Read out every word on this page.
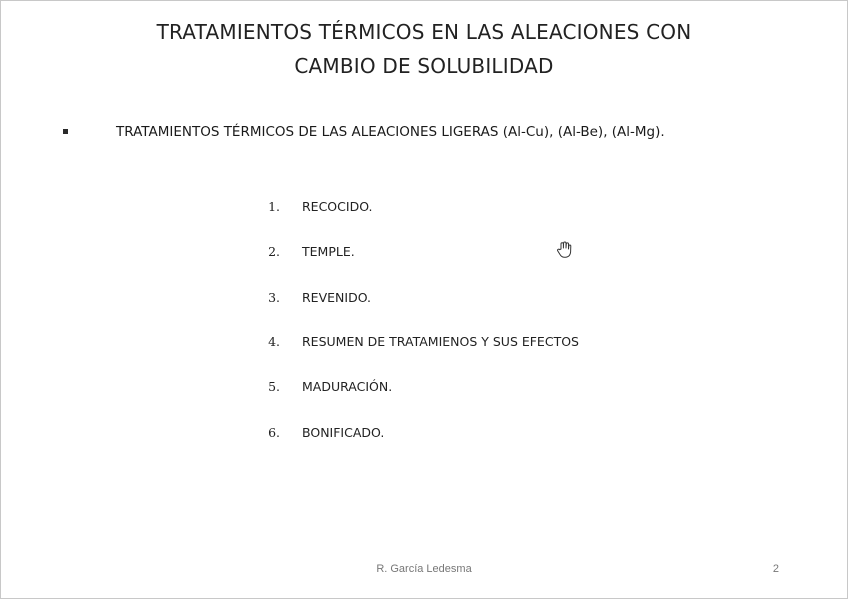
TRATAMIENTOS TÉRMICOS EN LAS ALEACIONES CON
CAMBIO DE SOLUBILIDAD
TRATAMIENTOS TÉRMICOS DE LAS ALEACIONES LIGERAS (Al-Cu), (Al-Be), (Al-Mg).
1. RECOCIDO.
2. TEMPLE.
3. REVENIDO.
4. RESUMEN DE TRATAMIENOS Y SUS EFECTOS
5. MADURACIÓN.
6. BONIFICADO.
R. García Ledesma	2
